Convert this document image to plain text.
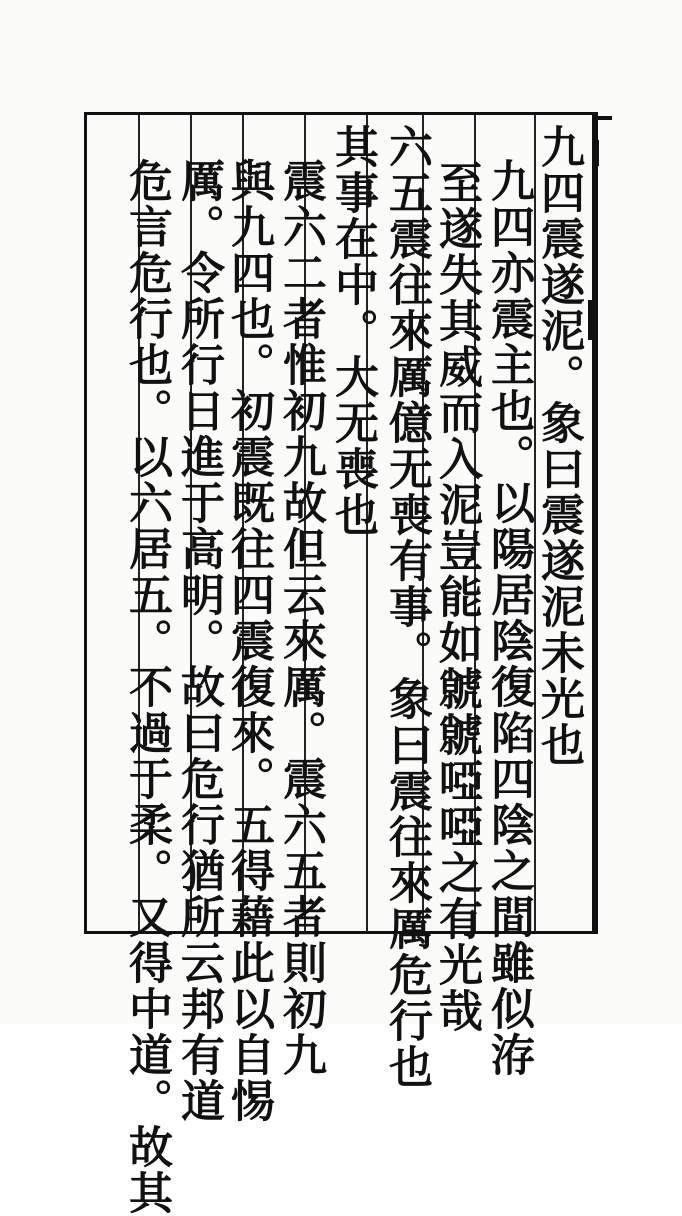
九四震遂泥。象曰震遂泥未光也
九四亦震主也。以陽居陰復陷四陰之間雖似洊
至遂失其威而入泥豈能如虩虩啞啞之有光哉
六五震往來厲億无喪有事。象曰震往來厲危行也
其事在中。大无喪也
震六二者惟初九故但云來厲。震六五者則初九
與九四也。初震既往四震復來。五得藉此以自惕
厲。令所行日進于高明。故曰危行猶所云邦有道
危言危行也。以六居五。不過于柔。又得中道。故其
